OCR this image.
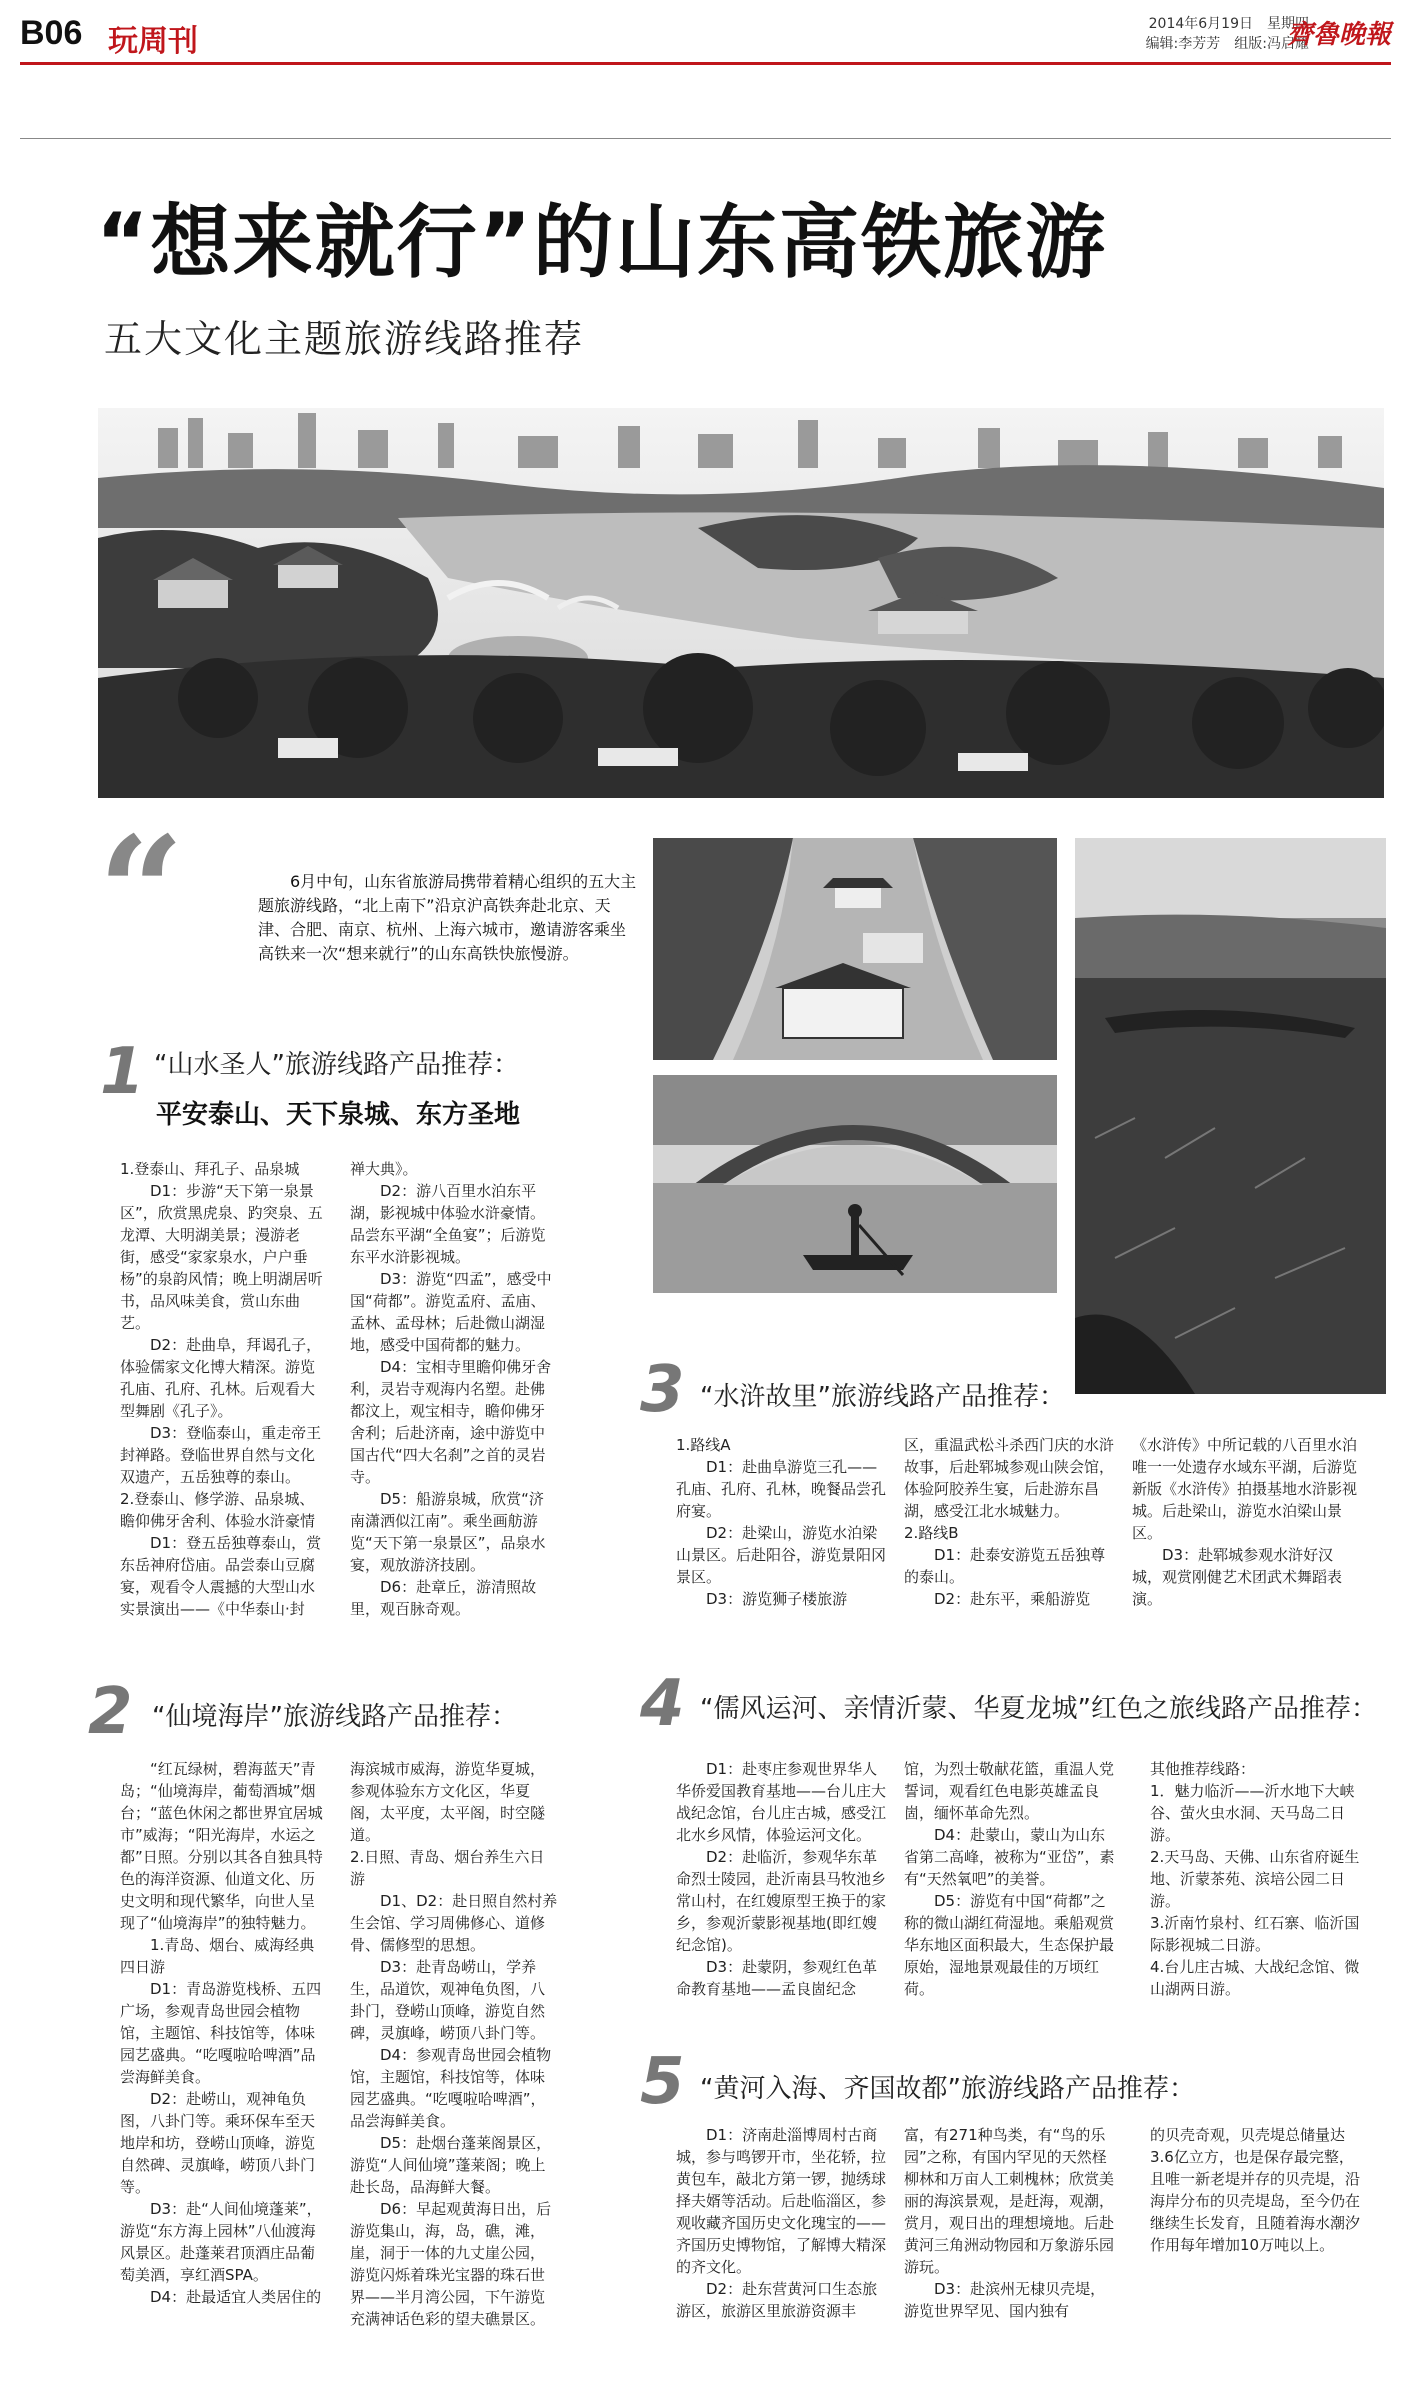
B06 玩周刊	2014年6月19日　星期四
编辑:李芳芳　组版:冯启耀
齊魯晚報
“想来就行”的山东高铁旅游
五大文化主题旅游线路推荐
“	6月中旬，山东省旅游局携带着精心组织的五大主题旅游线路，“北上南下”沿京沪高铁奔赴北京、天津、合肥、南京、杭州、上海六城市，邀请游客乘坐高铁来一次“想来就行”的山东高铁快旅慢游。

1 “山水圣人”旅游线路产品推荐：
平安泰山、天下泉城、东方圣地

1.登泰山、拜孔子、品泉城

D1：步游“天下第一泉景区”，欣赏黑虎泉、趵突泉、五龙潭、大明湖美景；漫游老街，感受“家家泉水，户户垂杨”的泉韵风情；晚上明湖居听书，品风味美食，赏山东曲艺。

D2：赴曲阜，拜谒孔子，体验儒家文化博大精深。游览孔庙、孔府、孔林。后观看大型舞剧《孔子》。

D3：登临泰山，重走帝王封禅路。登临世界自然与文化双遗产，五岳独尊的泰山。

2.登泰山、修学游、品泉城、瞻仰佛牙舍利、体验水浒豪情

D1：登五岳独尊泰山，赏东岳神府岱庙。品尝泰山豆腐宴，观看令人震撼的大型山水实景演出——《中华泰山·封

禅大典》。

D2：游八百里水泊东平湖，影视城中体验水浒豪情。品尝东平湖“全鱼宴”；后游览东平水浒影视城。

D3：游览“四孟”，感受中国“荷都”。游览孟府、孟庙、孟林、孟母林；后赴微山湖湿地，感受中国荷都的魅力。

D4：宝相寺里瞻仰佛牙舍利，灵岩寺观海内名塑。赴佛都汶上，观宝相寺，瞻仰佛牙舍利；后赴济南，途中游览中国古代“四大名刹”之首的灵岩寺。

D5：船游泉城，欣赏“济南潇洒似江南”。乘坐画舫游览“天下第一泉景区”，品泉水宴，观放游济技剧。

D6：赴章丘，游清照故里，观百脉奇观。

2 “仙境海岸”旅游线路产品推荐：

“红瓦绿树，碧海蓝天”青岛；“仙境海岸，葡萄酒城”烟台；“蓝色休闲之都世界宜居城市”威海；“阳光海岸，水运之都”日照。分别以其各自独具特色的海洋资源、仙道文化、历史文明和现代繁华，向世人呈现了“仙境海岸”的独特魅力。

1.青岛、烟台、威海经典四日游

D1：青岛游览栈桥、五四广场，参观青岛世园会植物馆，主题馆、科技馆等，体味园艺盛典。“吃嘎啦哈啤酒”品尝海鲜美食。

D2：赴崂山，观神龟负图，八卦门等。乘环保车至天地岸和坊，登崂山顶峰，游览自然碑、灵旗峰，崂顶八卦门等。

D3：赴“人间仙境蓬莱”，游览“东方海上园林”八仙渡海风景区。赴蓬莱君顶酒庄品葡萄美酒，享红酒SPA。

D4：赴最适宜人类居住的

海滨城市威海，游览华夏城，参观体验东方文化区，华夏阁，太平度，太平阁，时空隧道。

2.日照、青岛、烟台养生六日游

D1、D2：赴日照自然村养生会馆、学习周佛修心、道修骨、儒修型的思想。

D3：赴青岛崂山，学养生，品道饮，观神龟负图，八卦门，登崂山顶峰，游览自然碑，灵旗峰，崂顶八卦门等。

D4：参观青岛世园会植物馆，主题馆，科技馆等，体味园艺盛典。“吃嘎啦哈啤酒”，品尝海鲜美食。

D5：赴烟台蓬莱阁景区，游览“人间仙境”蓬莱阁；晚上赴长岛，品海鲜大餐。

D6：早起观黄海日出，后游览集山，海，岛，礁，滩，崖，洞于一体的九丈崖公园，游览闪烁着珠光宝器的珠石世界——半月湾公园，下午游览充满神话色彩的望夫礁景区。

3 “水浒故里”旅游线路产品推荐：

1.路线A

D1：赴曲阜游览三孔——孔庙、孔府、孔林，晚餐品尝孔府宴。

D2：赴梁山，游览水泊梁山景区。后赴阳谷，游览景阳冈景区。

D3：游览狮子楼旅游

区，重温武松斗杀西门庆的水浒故事，后赴郓城参观山陕会馆，体验阿胶养生宴，后赴游东昌湖，感受江北水城魅力。

2.路线B

D1：赴泰安游览五岳独尊的泰山。

D2：赴东平，乘船游览

《水浒传》中所记载的八百里水泊唯一一处遗存水域东平湖，后游览新版《水浒传》拍摄基地水浒影视城。后赴梁山，游览水泊梁山景区。

D3：赴郓城参观水浒好汉城，观赏刚健艺术团武术舞蹈表演。

4 “儒风运河、亲情沂蒙、华夏龙城”红色之旅线路产品推荐：

D1：赴枣庄参观世界华人华侨爱国教育基地——台儿庄大战纪念馆，台儿庄古城，感受江北水乡风情，体验运河文化。

D2：赴临沂，参观华东革命烈士陵园，赴沂南县马牧池乡常山村，在红嫂原型王换于的家乡，参观沂蒙影视基地(即红嫂纪念馆)。

D3：赴蒙阴，参观红色革命教育基地——孟良崮纪念

馆，为烈士敬献花篮，重温人党誓词，观看红色电影英雄孟良崮，缅怀革命先烈。

D4：赴蒙山，蒙山为山东省第二高峰，被称为“亚岱”，素有“天然氧吧”的美誉。

D5：游览有中国“荷都”之称的微山湖红荷湿地。乘船观赏华东地区面积最大，生态保护最原始，湿地景观最佳的万顷红荷。

其他推荐线路：

1．魅力临沂——沂水地下大峡谷、萤火虫水洞、天马岛二日游。

2.天马岛、天佛、山东省府诞生地、沂蒙茶苑、滨培公园二日游。

3.沂南竹泉村、红石寨、临沂国际影视城二日游。

4.台儿庄古城、大战纪念馆、微山湖两日游。

5 “黄河入海、齐国故都”旅游线路产品推荐：

D1：济南赴淄博周村古商城，参与鸣锣开市，坐花轿，拉黄包车，敲北方第一锣，抛绣球择夫婿等活动。后赴临淄区，参观收藏齐国历史文化瑰宝的——齐国历史博物馆，了解博大精深的齐文化。

D2：赴东营黄河口生态旅游区，旅游区里旅游资源丰

富，有271种鸟类，有“鸟的乐园”之称，有国内罕见的天然柽柳林和万亩人工刺槐林；欣赏美丽的海滨景观，是赶海，观潮，赏月，观日出的理想境地。后赴黄河三角洲动物园和万象游乐园游玩。

D3：赴滨州无棣贝壳堤，游览世界罕见、国内独有

的贝壳奇观，贝壳堤总储量达3.6亿立方，也是保存最完整，且唯一新老堤并存的贝壳堤，沿海岸分布的贝壳堤岛，至今仍在继续生长发育，且随着海水潮汐作用每年增加10万吨以上。
